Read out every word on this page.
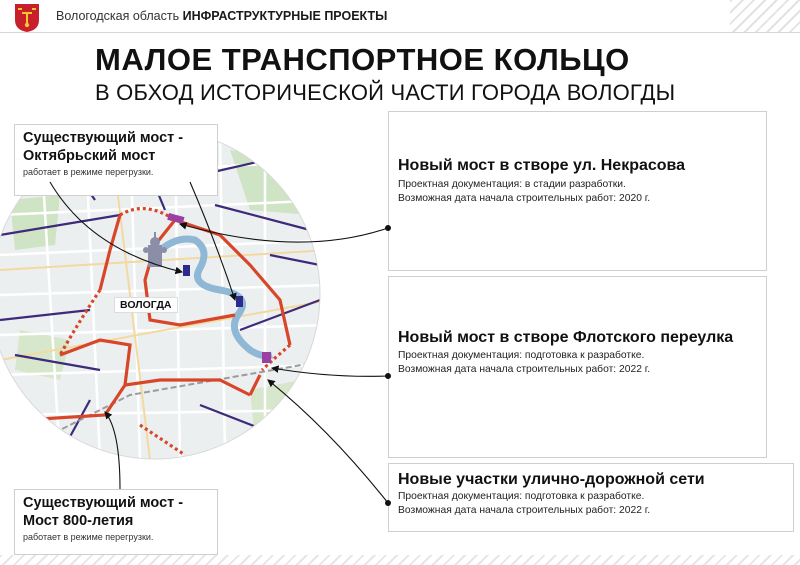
Вологодская область ИНФРАСТРУКТУРНЫЕ ПРОЕКТЫ
МАЛОЕ ТРАНСПОРТНОЕ КОЛЬЦО
В ОБХОД ИСТОРИЧЕСКОЙ ЧАСТИ ГОРОДА ВОЛОГДЫ
ВОЛОГДА
Существующий мост -
Октябрьский мост
работает в режиме перегрузки.
Существующий мост -
Мост 800-летия
работает в режиме перегрузки.
Новый мост в створе ул. Некрасова
Проектная документация: в стадии разработки.
Возможная дата начала строительных работ: 2020 г.
Новый мост в створе Флотского переулка
Проектная документация: подготовка к разработке.
Возможная дата начала строительных работ: 2022 г.
Новые участки улично-дорожной сети
Проектная документация: подготовка к разработке.
Возможная дата начала строительных работ: 2022 г.
